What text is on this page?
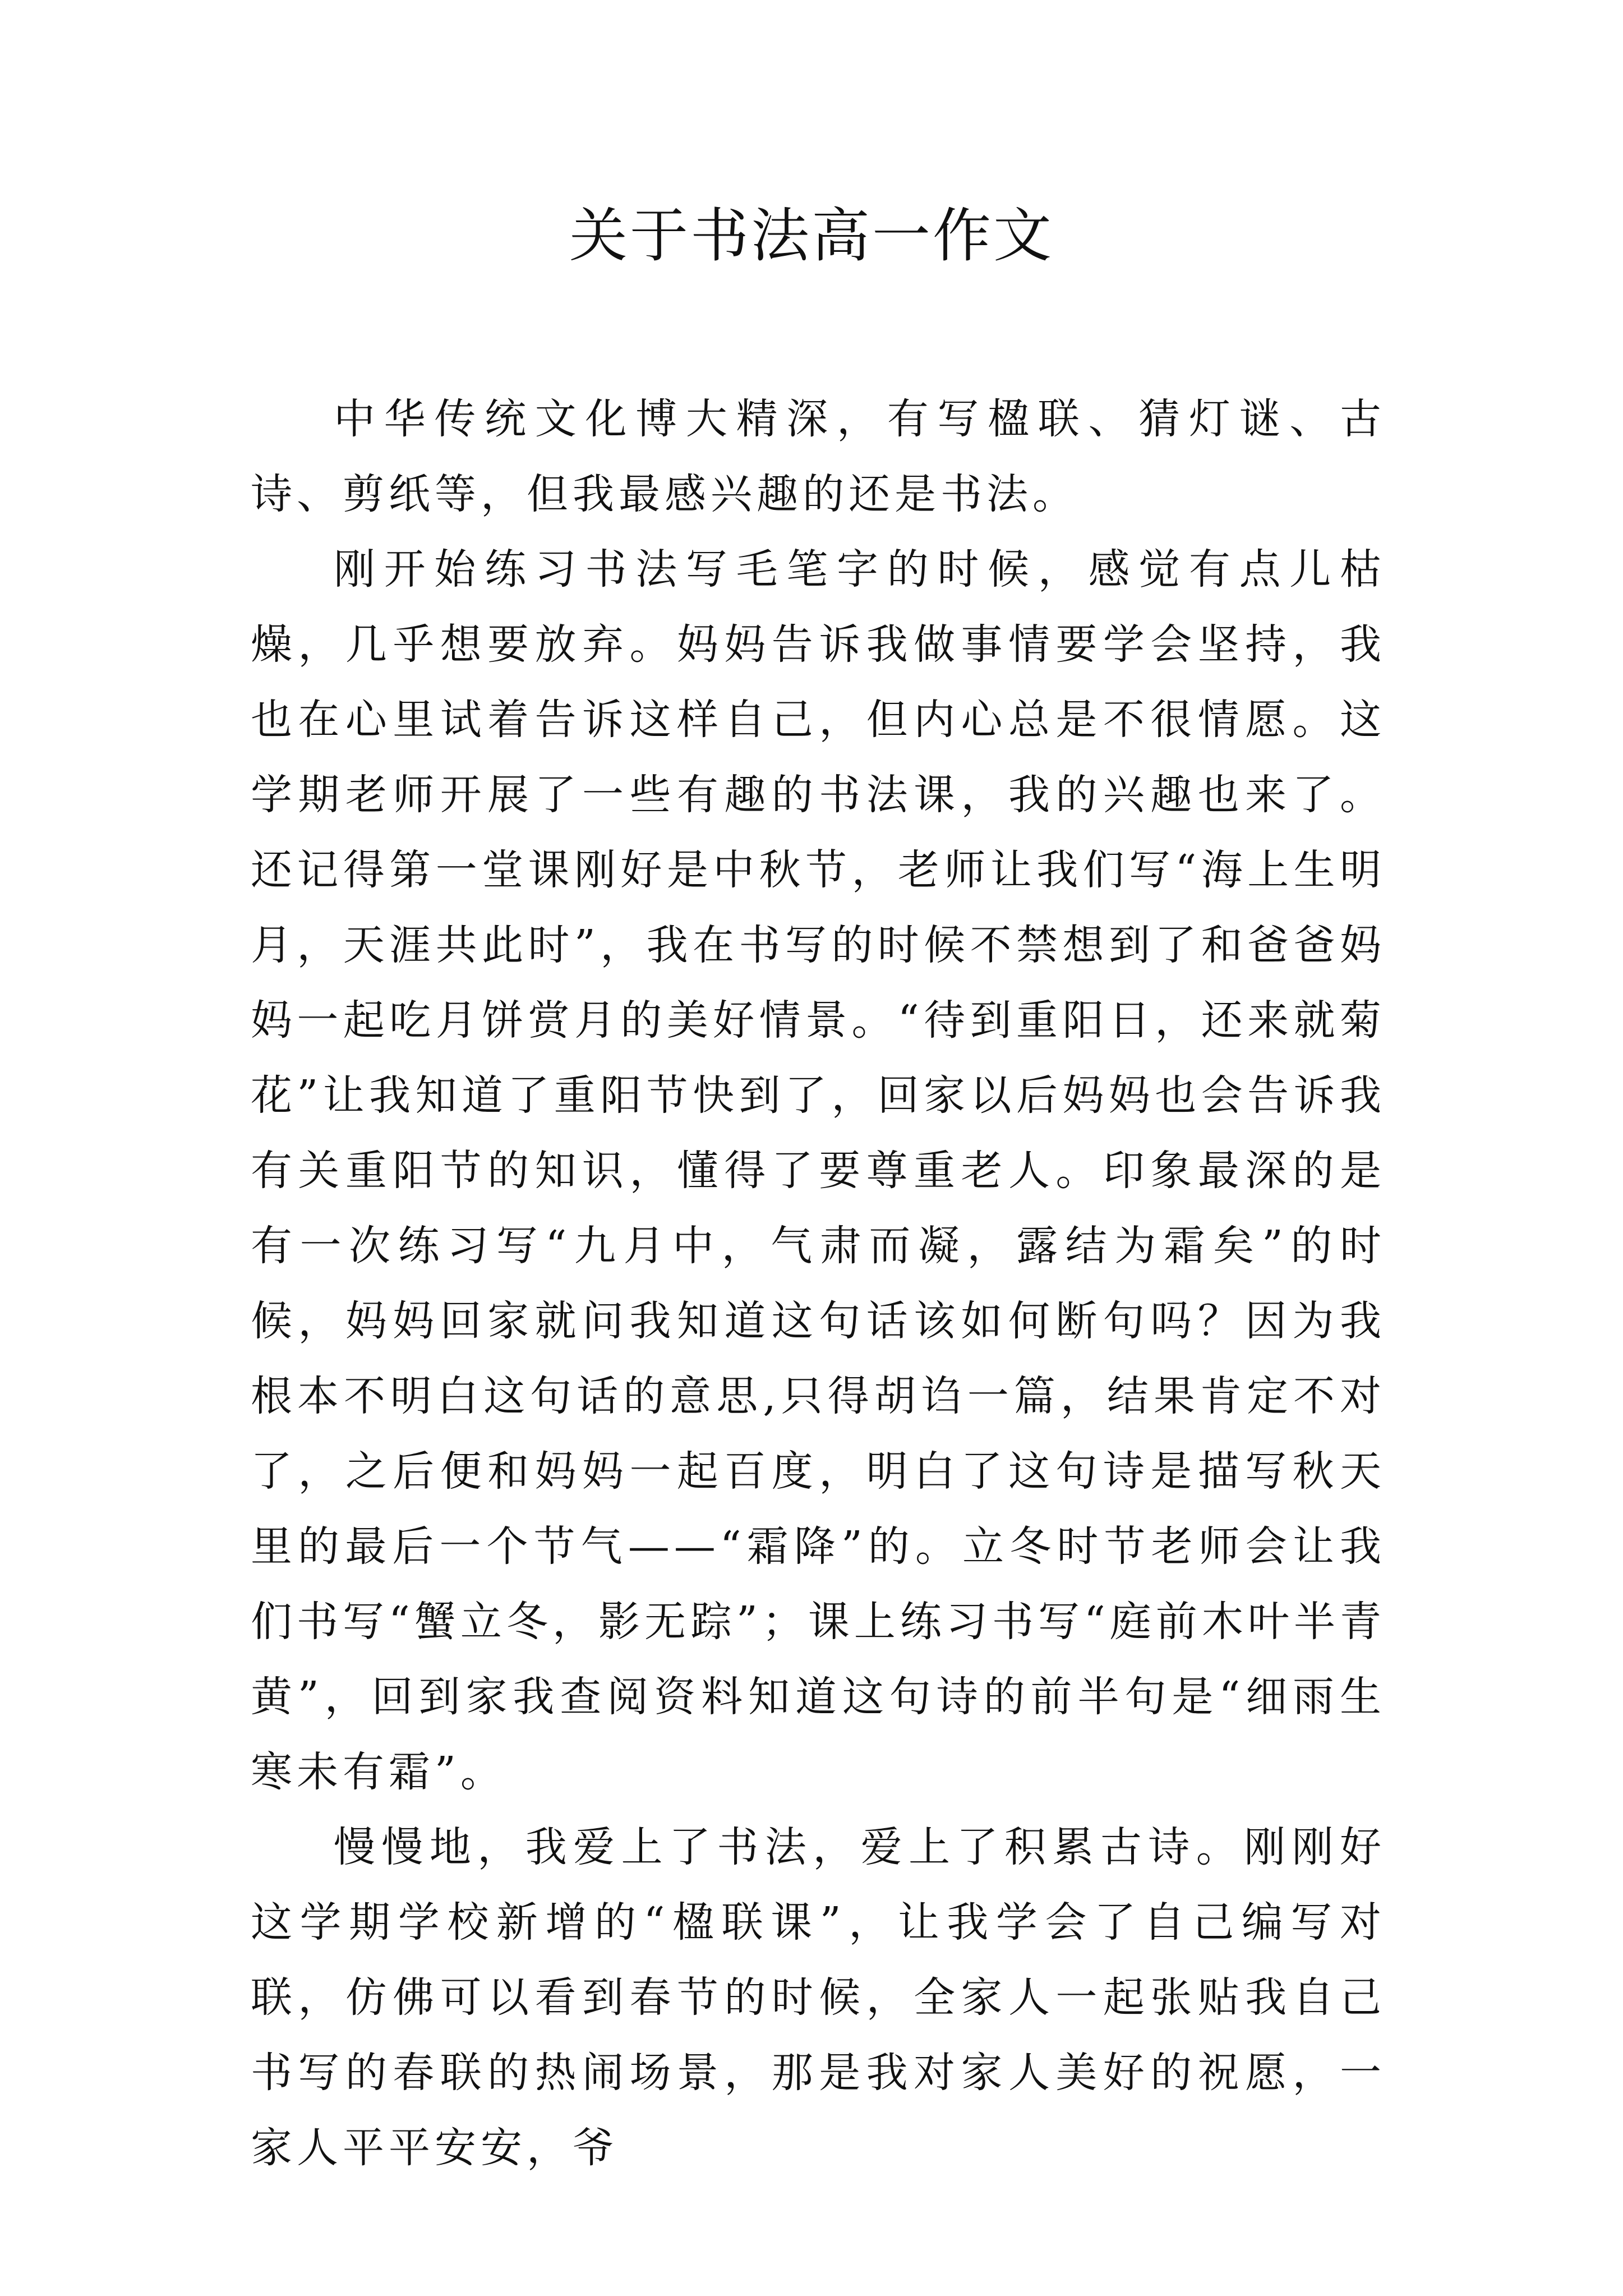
关于书法高一作文

中华传统文化博大精深，有写楹联、猜灯谜、古诗、剪纸等，但我最感兴趣的还是书法。

刚开始练习书法写毛笔字的时候，感觉有点儿枯燥，几乎想要放弃。妈妈告诉我做事情要学会坚持，我也在心里试着告诉这样自己，但内心总是不很情愿。这学期老师开展了一些有趣的书法课，我的兴趣也来了。还记得第一堂课刚好是中秋节，老师让我们写“海上生明月，天涯共此时”，我在书写的时候不禁想到了和爸爸妈妈一起吃月饼赏月的美好情景。“待到重阳日，还来就菊花”让我知道了重阳节快到了，回家以后妈妈也会告诉我有关重阳节的知识，懂得了要尊重老人。印象最深的是有一次练习写“九月中，气肃而凝，露结为霜矣”的时候，妈妈回家就问我知道这句话该如何断句吗？因为我根本不明白这句话的意思,只得胡诌一篇，结果肯定不对了，之后便和妈妈一起百度，明白了这句诗是描写秋天里的最后一个节气——“霜降”的。立冬时节老师会让我们书写“蟹立冬，影无踪”；课上练习书写“庭前木叶半青黄”，回到家我查阅资料知道这句诗的前半句是“细雨生寒未有霜”。

慢慢地，我爱上了书法，爱上了积累古诗。刚刚好这学期学校新增的“楹联课”，让我学会了自己编写对联，仿佛可以看到春节的时候，全家人一起张贴我自己书写的春联的热闹场景，那是我对家人美好的祝愿，一家人平平安安，爷
